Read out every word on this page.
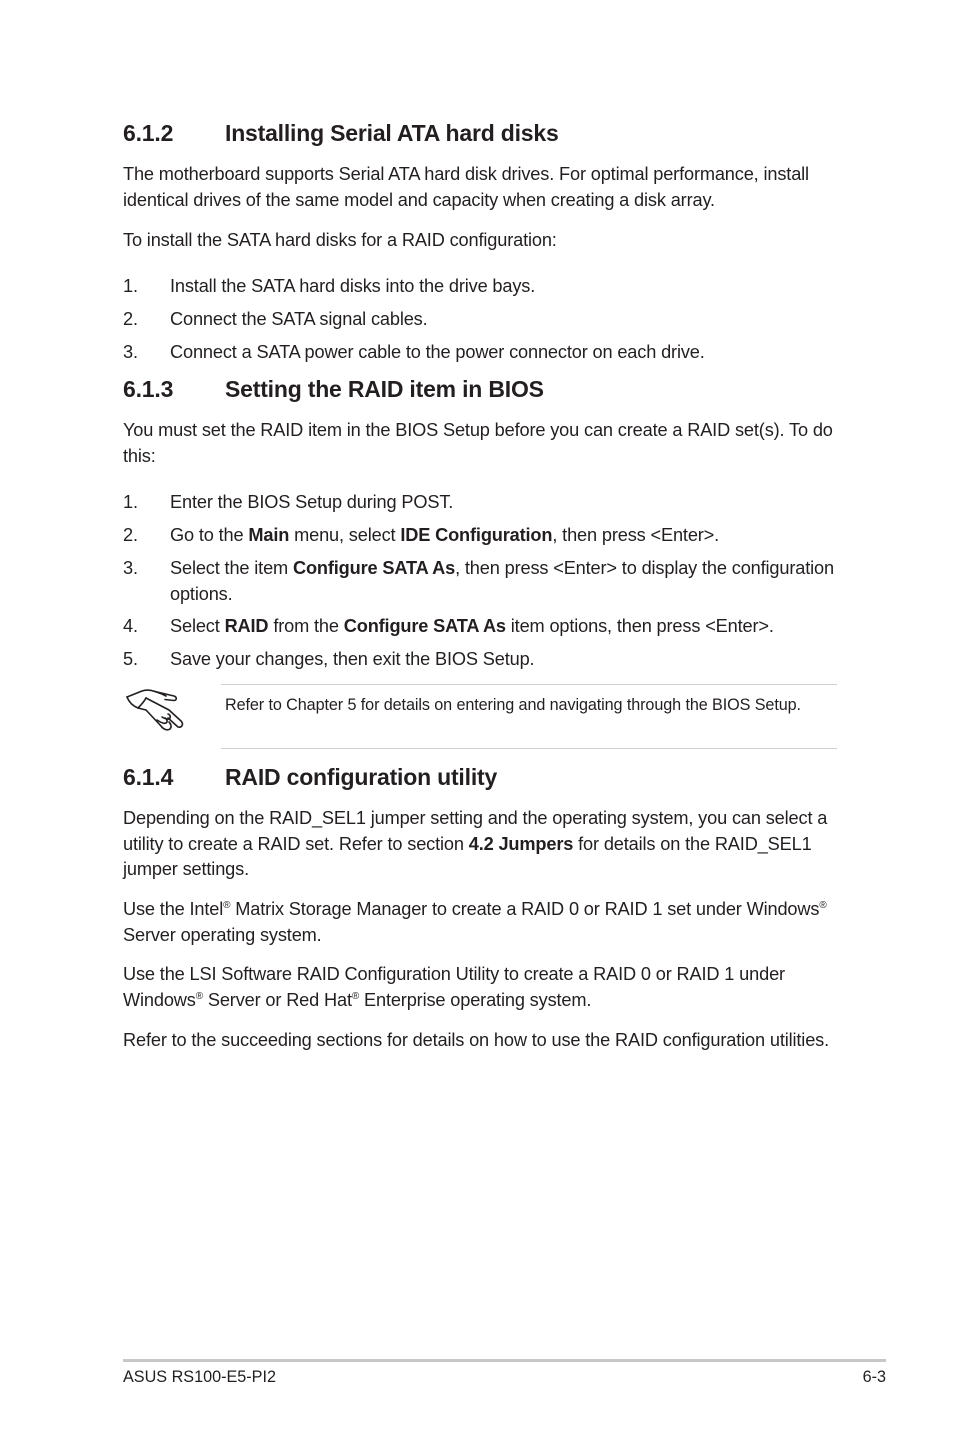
6.1.2 Installing Serial ATA hard disks
The motherboard supports Serial ATA hard disk drives. For optimal performance, install identical drives of the same model and capacity when creating a disk array.
To install the SATA hard disks for a RAID configuration:
1. Install the SATA hard disks into the drive bays.
2. Connect the SATA signal cables.
3. Connect a SATA power cable to the power connector on each drive.
6.1.3 Setting the RAID item in BIOS
You must set the RAID item in the BIOS Setup before you can create a RAID set(s). To do this:
1. Enter the BIOS Setup during POST.
2. Go to the Main menu, select IDE Configuration, then press <Enter>.
3. Select the item Configure SATA As, then press <Enter> to display the configuration options.
4. Select RAID from the Configure SATA As item options, then press <Enter>.
5. Save your changes, then exit the BIOS Setup.
Refer to Chapter 5 for details on entering and navigating through the BIOS Setup.
6.1.4 RAID configuration utility
Depending on the RAID_SEL1 jumper setting and the operating system, you can select a utility to create a RAID set. Refer to section 4.2 Jumpers for details on the RAID_SEL1 jumper settings.
Use the Intel® Matrix Storage Manager to create a RAID 0 or RAID 1 set under Windows® Server operating system.
Use the LSI Software RAID Configuration Utility to create a RAID 0 or RAID 1 under Windows® Server or Red Hat® Enterprise operating system.
Refer to the succeeding sections for details on how to use the RAID configuration utilities.
ASUS RS100-E5-PI2	6-3
